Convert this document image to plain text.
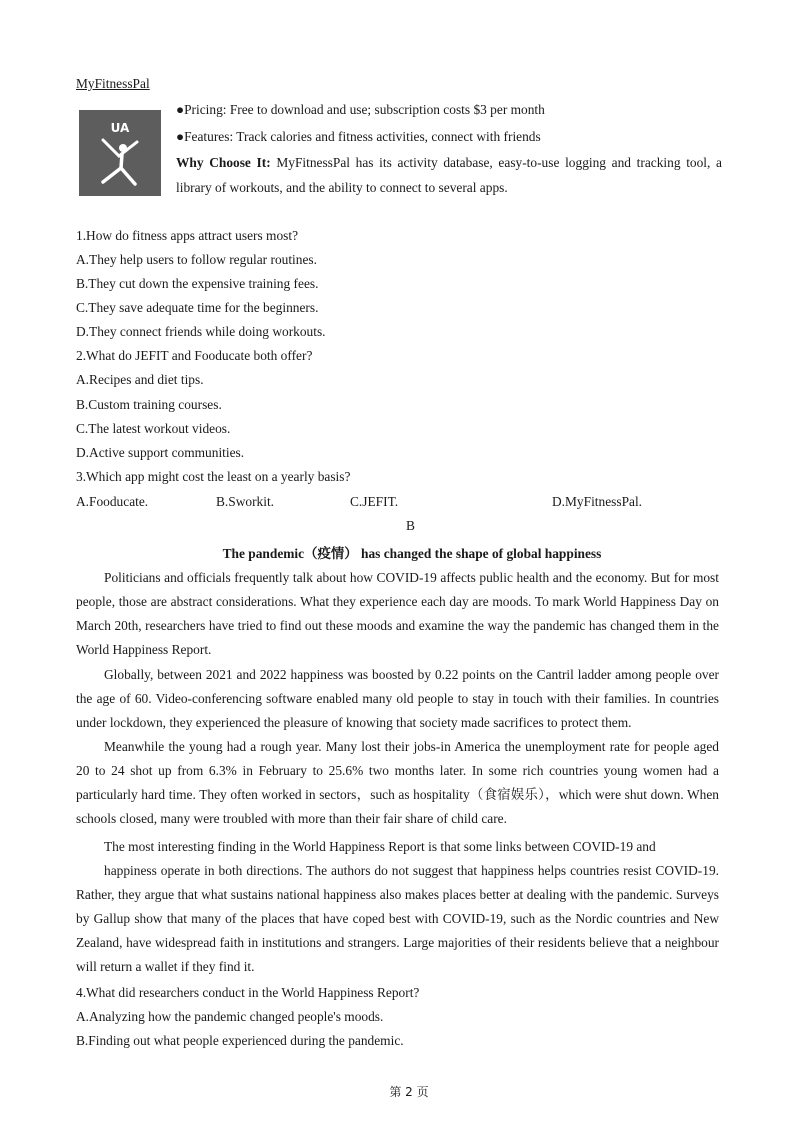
MyFitnessPal
UA
●Pricing: Free to download and use; subscription costs $3 per month
●Features: Track calories and fitness activities, connect with friends
Why Choose It: MyFitnessPal has its activity database, easy-to-use logging and tracking tool, a library of workouts, and the ability to connect to several apps.
1.How do fitness apps attract users most?
A.They help users to follow regular routines.
B.They cut down the expensive training fees.
C.They save adequate time for the beginners.
D.They connect friends while doing workouts.
2.What do JEFIT and Fooducate both offer?
A.Recipes and diet tips.
B.Custom training courses.
C.The latest workout videos.
D.Active support communities.
3.Which app might cost the least on a yearly basis?
A.Fooducate.	B.Sworkit.	C.JEFIT.	D.MyFitnessPal.
B
The pandemic（疫情） has changed the shape of global happiness

Politicians and officials frequently talk about how COVID-19 affects public health and the economy. But for most people, those are abstract considerations. What they experience each day are moods. To mark World Happiness Day on March 20th, researchers have tried to find out these moods and examine the way the pandemic has changed them in the World Happiness Report.

Globally, between 2021 and 2022 happiness was boosted by 0.22 points on the Cantril ladder among people over the age of 60. Video-conferencing software enabled many old people to stay in touch with their families. In countries under lockdown, they experienced the pleasure of knowing that society made sacrifices to protect them.

Meanwhile the young had a rough year. Many lost their jobs-in America the unemployment rate for people aged 20 to 24 shot up from 6.3% in February to 25.6% two months later. In some rich countries young women had a particularly hard time. They often worked in sectors，such as hospitality（食宿娱乐），which were shut down. When schools closed, many were troubled with more than their fair share of child care.

The most interesting finding in the World Happiness Report is that some links between COVID-19 and

happiness operate in both directions. The authors do not suggest that happiness helps countries resist COVID-19. Rather, they argue that what sustains national happiness also makes places better at dealing with the pandemic. Surveys by Gallup show that many of the places that have coped best with COVID-19, such as the Nordic countries and New Zealand, have widespread faith in institutions and strangers. Large majorities of their residents believe that a neighbour will return a wallet if they find it.

4.What did researchers conduct in the World Happiness Report?
A.Analyzing how the pandemic changed people's moods.
B.Finding out what people experienced during the pandemic.
第 2 页
